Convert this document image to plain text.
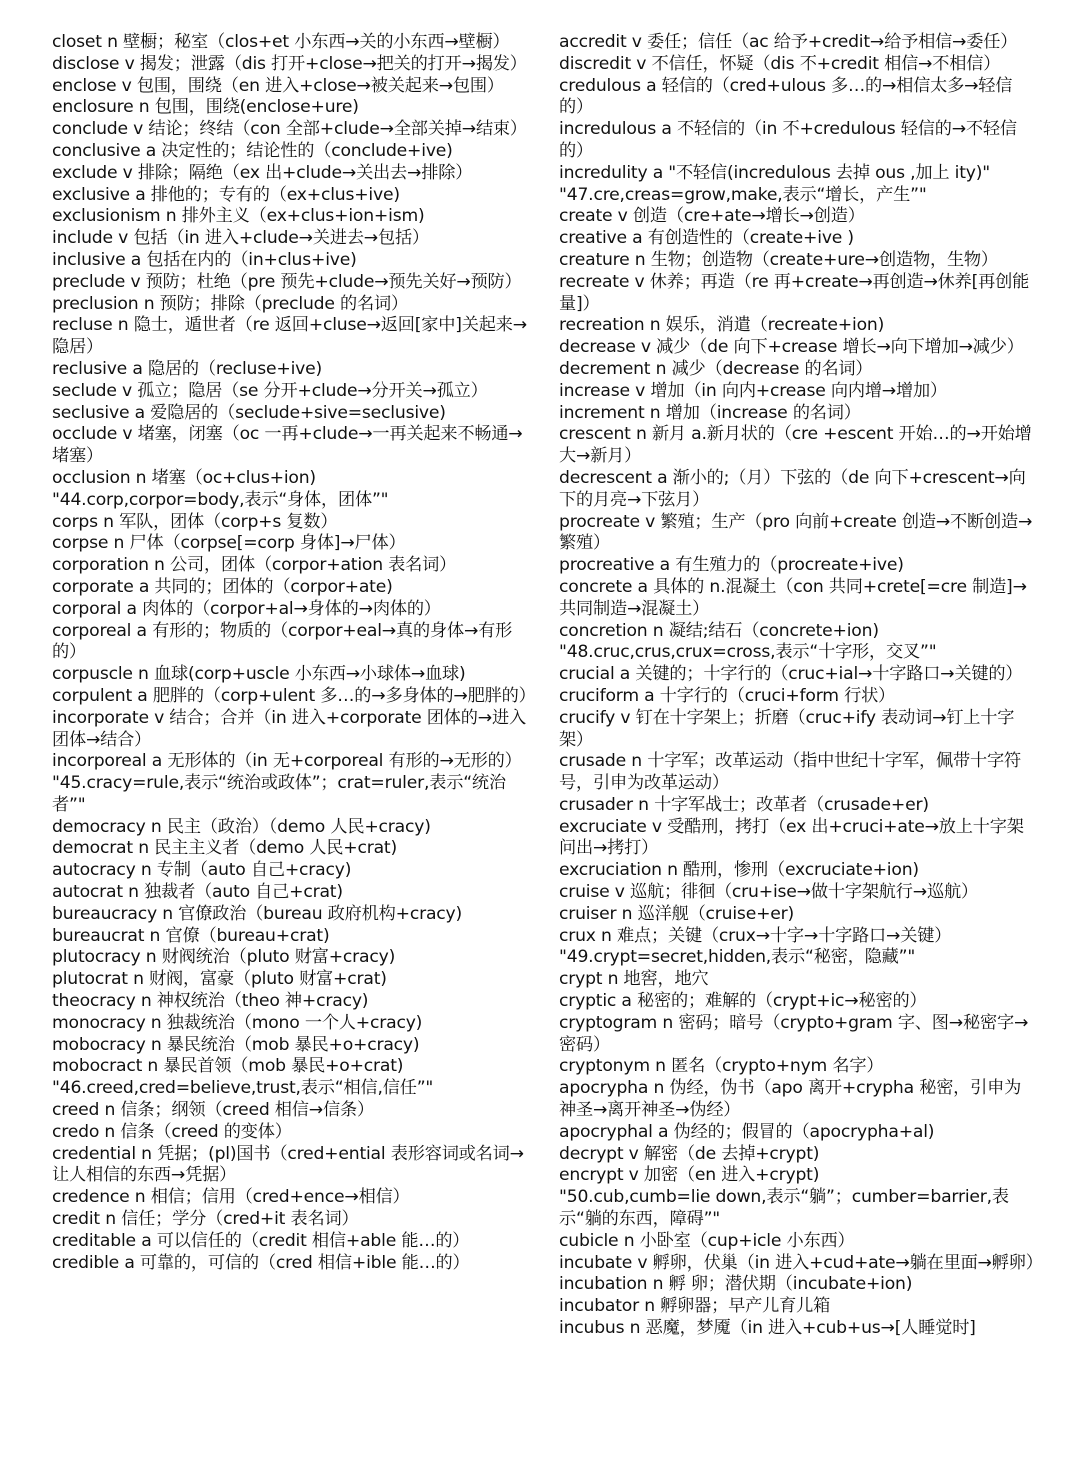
closet n 壁橱；秘室（clos+et 小东西→关的小东西→壁橱）

disclose v 揭发；泄露（dis 打开+close→把关的打开→揭发）

enclose v 包围，围绕（en 进入+close→被关起来→包围）

enclosure n 包围，围绕(enclose+ure)

conclude v 结论；终结（con 全部+clude→全部关掉→结束）

conclusive a 决定性的；结论性的（conclude+ive)

exclude v 排除；隔绝（ex 出+clude→关出去→排除）

exclusive a 排他的；专有的（ex+clus+ive)

exclusionism n 排外主义（ex+clus+ion+ism)

include v 包括（in 进入+clude→关进去→包括）

inclusive a 包括在内的（in+clus+ive)

preclude v 预防；杜绝（pre 预先+clude→预先关好→预防）

preclusion n 预防；排除（preclude 的名词）

recluse n 隐士，遁世者（re 返回+cluse→返回[家中]关起来→隐居）

reclusive a 隐居的（recluse+ive)

seclude v 孤立；隐居（se 分开+clude→分开关→孤立）

seclusive a 爱隐居的（seclude+sive=seclusive)

occlude v 堵塞，闭塞（oc 一再+clude→一再关起来不畅通→堵塞）

occlusion n 堵塞（oc+clus+ion)

"44.corp,corpor=body,表示“身体，团体”"

corps n 军队，团体（corp+s 复数）

corpse n 尸体（corpse[=corp 身体]→尸体）

corporation n 公司，团体（corpor+ation 表名词）

corporate a 共同的；团体的（corpor+ate)

corporal a 肉体的（corpor+al→身体的→肉体的）

corporeal a 有形的；物质的（corpor+eal→真的身体→有形的）

corpuscle n 血球(corp+uscle 小东西→小球体→血球)

corpulent a 肥胖的（corp+ulent 多…的→多身体的→肥胖的）

incorporate v 结合；合并（in 进入+corporate 团体的→进入团体→结合）

incorporeal a 无形体的（in 无+corporeal 有形的→无形的）

"45.cracy=rule,表示“统治或政体”；crat=ruler,表示“统治者”"

democracy n 民主（政治）（demo 人民+cracy)

democrat n 民主主义者（demo 人民+crat)

autocracy n 专制（auto 自己+cracy)

autocrat n 独裁者（auto 自己+crat)

bureaucracy n 官僚政治（bureau 政府机构+cracy)

bureaucrat n 官僚（bureau+crat)

plutocracy n 财阀统治（pluto 财富+cracy)

plutocrat n 财阀，富豪（pluto 财富+crat)

theocracy n 神权统治（theo 神+cracy)

monocracy n 独裁统治（mono 一个人+cracy)

mobocracy n 暴民统治（mob 暴民+o+cracy)

mobocract n 暴民首领（mob 暴民+o+crat)

"46.creed,cred=believe,trust,表示“相信,信任”"

creed n 信条；纲领（creed 相信→信条）

credo n 信条（creed 的变体）

credential n 凭据；(pl)国书（cred+ential 表形容词或名词→让人相信的东西→凭据）

credence n 相信；信用（cred+ence→相信）

credit n 信任；学分（cred+it 表名词）

creditable a 可以信任的（credit 相信+able 能…的）

credible a 可靠的，可信的（cred 相信+ible 能…的）

accredit v 委任；信任（ac 给予+credit→给予相信→委任）

discredit v 不信任，怀疑（dis 不+credit 相信→不相信）

credulous a 轻信的（cred+ulous 多…的→相信太多→轻信的）

incredulous a 不轻信的（in 不+credulous 轻信的→不轻信的）

incredulity a "不轻信(incredulous 去掉 ous ,加上 ity)"

"47.cre,creas=grow,make,表示“增长，产生”"

create v 创造（cre+ate→增长→创造）

creative a 有创造性的（create+ive )

creature n 生物；创造物（create+ure→创造物，生物）

recreate v 休养；再造（re 再+create→再创造→休养[再创能量]）

recreation n 娱乐，消遣（recreate+ion)

decrease v 减少（de 向下+crease 增长→向下增加→减少）

decrement n 减少（decrease 的名词）

increase v 增加（in 向内+crease 向内增→增加）

increment n 增加（increase 的名词）

crescent n 新月 a.新月状的（cre +escent 开始…的→开始增大→新月）

decrescent a 渐小的;（月）下弦的（de 向下+crescent→向下的月亮→下弦月）

procreate v 繁殖；生产（pro 向前+create 创造→不断创造→繁殖）

procreative a 有生殖力的（procreate+ive)

concrete a 具体的 n.混凝土（con 共同+crete[=cre 制造]→共同制造→混凝土）

concretion n 凝结;结石（concrete+ion)

"48.cruc,crus,crux=cross,表示“十字形，交叉”"

crucial a 关键的；十字行的（cruc+ial→十字路口→关键的）

cruciform a 十字行的（cruci+form 行状）

crucify v 钉在十字架上；折磨（cruc+ify 表动词→钉上十字架）

crusade n 十字军；改革运动（指中世纪十字军，佩带十字符号，引申为改革运动）

crusader n 十字军战士；改革者（crusade+er)

excruciate v 受酷刑，拷打（ex 出+cruci+ate→放上十字架问出→拷打）

excruciation n 酷刑，惨刑（excruciate+ion)

cruise v 巡航；徘徊（cru+ise→做十字架航行→巡航）

cruiser n 巡洋舰（cruise+er)

crux n 难点；关键（crux→十字→十字路口→关键）

"49.crypt=secret,hidden,表示“秘密，隐藏”"

crypt n 地窖，地穴

cryptic a 秘密的；难解的（crypt+ic→秘密的）

cryptogram n 密码；暗号（crypto+gram 字、图→秘密字→密码）

cryptonym n 匿名（crypto+nym 名字）

apocrypha n 伪经，伪书（apo 离开+crypha 秘密，引申为神圣→离开神圣→伪经）

apocryphal a 伪经的；假冒的（apocrypha+al)

decrypt v 解密（de 去掉+crypt)

encrypt v 加密（en 进入+crypt)

"50.cub,cumb=lie down,表示“躺”；cumber=barrier,表示“躺的东西，障碍”"

cubicle n 小卧室（cup+icle 小东西）

incubate v 孵卵，伏巢（in 进入+cud+ate→躺在里面→孵卵）

incubation n 孵 卵；潜伏期（incubate+ion)

incubator n 孵卵器；早产儿育儿箱

incubus n 恶魔，梦魇（in 进入+cub+us→[人睡觉时]
